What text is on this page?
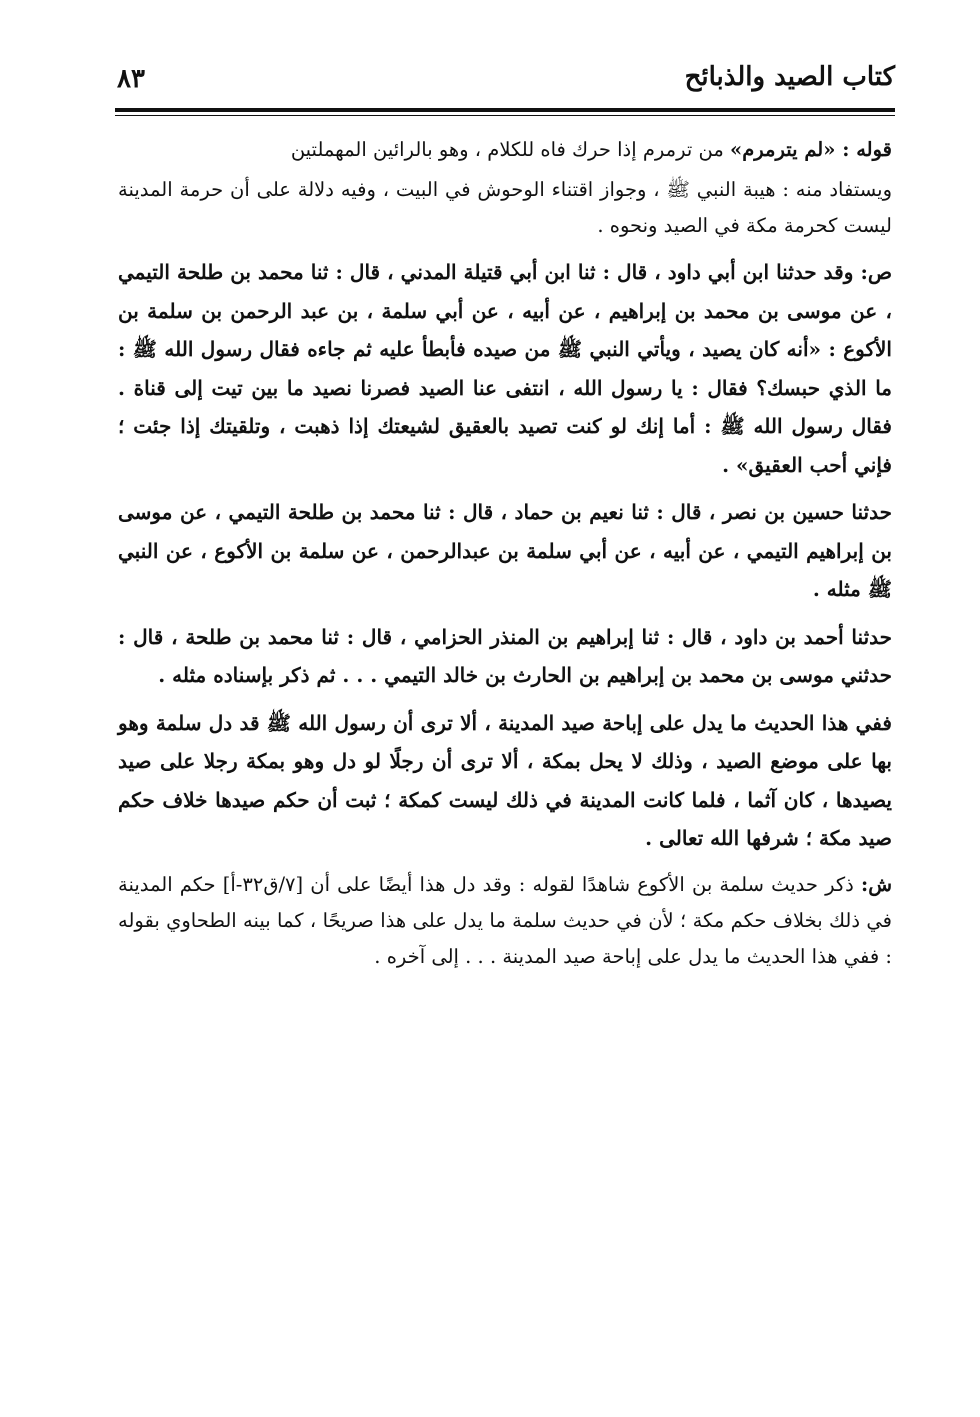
كتاب الصيد والذبائح
٨٣

قوله : «لم يترمرم» من ترمرم إذا حرك فاه للكلام ، وهو بالرائين المهملتين

ويستفاد منه : هيبة النبي ﷺ ، وجواز اقتناء الوحوش في البيت ، وفيه دلالة على أن حرمة المدينة ليست كحرمة مكة في الصيد ونحوه .

ص: وقد حدثنا ابن أبي داود ، قال : ثنا ابن أبي قتيلة المدني ، قال : ثنا محمد بن طلحة التيمي ، عن موسى بن محمد بن إبراهيم ، عن أبيه ، عن أبي سلمة ، بن عبد الرحمن بن سلمة بن الأكوع : «أنه كان يصيد ، ويأتي النبي ﷺ من صيده فأبطأ عليه ثم جاءه فقال رسول الله ﷺ : ما الذي حبسك؟ فقال : يا رسول الله ، انتفى عنا الصيد فصرنا نصيد ما بين تيت إلى قناة . فقال رسول الله ﷺ : أما إنك لو كنت تصيد بالعقيق لشيعتك إذا ذهبت ، وتلقيتك إذا جئت ؛ فإني أحب العقيق» .

حدثنا حسين بن نصر ، قال : ثنا نعيم بن حماد ، قال : ثنا محمد بن طلحة التيمي ، عن موسى بن إبراهيم التيمي ، عن أبيه ، عن أبي سلمة بن عبدالرحمن ، عن سلمة بن الأكوع ، عن النبي ﷺ مثله .

حدثنا أحمد بن داود ، قال : ثنا إبراهيم بن المنذر الحزامي ، قال : ثنا محمد بن طلحة ، قال : حدثني موسى بن محمد بن إبراهيم بن الحارث بن خالد التيمي . . . ثم ذكر بإسناده مثله .

ففي هذا الحديث ما يدل على إباحة صيد المدينة ، ألا ترى أن رسول الله ﷺ قد دل سلمة وهو بها على موضع الصيد ، وذلك لا يحل بمكة ، ألا ترى أن رجلًا لو دل وهو بمكة رجلا على صيد يصيدها ، كان آثما ، فلما كانت المدينة في ذلك ليست كمكة ؛ ثبت أن حكم صيدها خلاف حكم صيد مكة ؛ شرفها الله تعالى .

ش: ذكر حديث سلمة بن الأكوع شاهدًا لقوله : وقد دل هذا أيضًا على أن [٧/ق٣٢-أ] حكم المدينة في ذلك بخلاف حكم مكة ؛ لأن في حديث سلمة ما يدل على هذا صريحًا ، كما بينه الطحاوي بقوله : ففي هذا الحديث ما يدل على إباحة صيد المدينة . . . إلى آخره .
